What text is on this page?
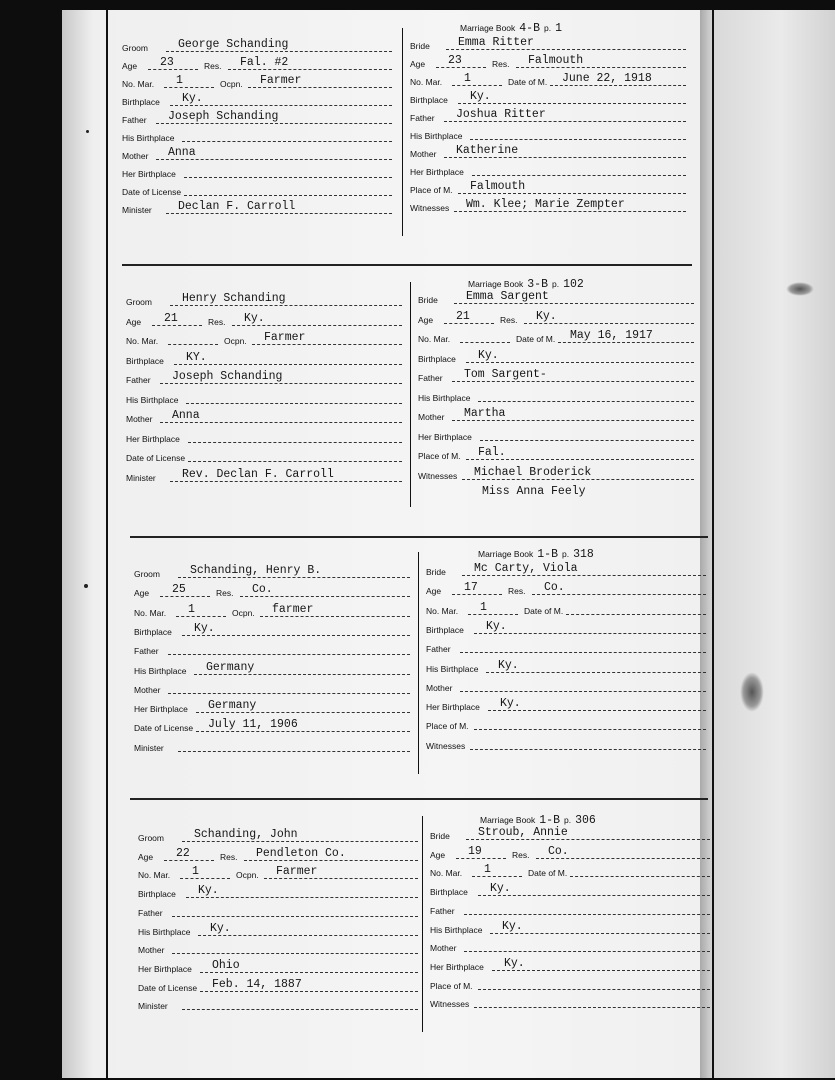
Marriage Book 4-B p. 1
Groom	George Schanding
Age 23	Res. Fal. #2
No. Mar. 1	Ocpn. Farmer
Birthplace Ky.
Father Joseph Schanding
His Birthplace
Mother Anna
Her Birthplace
Date of License
Minister Declan F. Carroll
Bride Emma Ritter
Age 23	Res. Falmouth
No. Mar. 1	Date of M. June 22, 1918
Birthplace Ky.
Father Joshua Ritter
His Birthplace
Mother Katherine
Her Birthplace
Place of M. Falmouth
Witnesses Wm. Klee; Marie Zempter
Marriage Book 3-B p. 102
Groom	Henry Schanding
Age 21	Res. Ky.
No. Mar.	Ocpn. Farmer
Birthplace KY.
Father Joseph Schanding
His Birthplace
Mother Anna
Her Birthplace
Date of License
Minister Rev. Declan F. Carroll
Bride Emma Sargent
Age 21	Res. Ky.
No. Mar.	Date of M. May 16, 1917
Birthplace Ky.
Father Tom Sargent-
His Birthplace
Mother Martha
Her Birthplace
Place of M. Fal.
Witnesses Michael Broderick
Miss Anna Feely
Marriage Book 1-B p. 318
Groom	Schanding, Henry B.
Age 25	Res. Co.
No. Mar. 1	Ocpn. farmer
Birthplace Ky.
Father
His Birthplace Germany
Mother
Her Birthplace Germany
Date of License July 11, 1906
Minister
Bride Mc Carty, Viola
Age 17	Res. Co.
No. Mar. 1	Date of M.
Birthplace Ky.
Father
His Birthplace Ky.
Mother
Her Birthplace Ky.
Place of M.
Witnesses
Marriage Book 1-B p. 306
Groom	Schanding, John
Age 22	Res. Pendleton Co.
No. Mar. 1	Ocpn. Farmer
Birthplace Ky.
Father
His Birthplace Ky.
Mother
Her Birthplace Ohio
Date of License Feb. 14, 1887
Minister
Bride Stroub, Annie
Age 19	Res. Co.
No. Mar. 1	Date of M.
Birthplace Ky.
Father
His Birthplace Ky.
Mother
Her Birthplace Ky.
Place of M.
Witnesses
